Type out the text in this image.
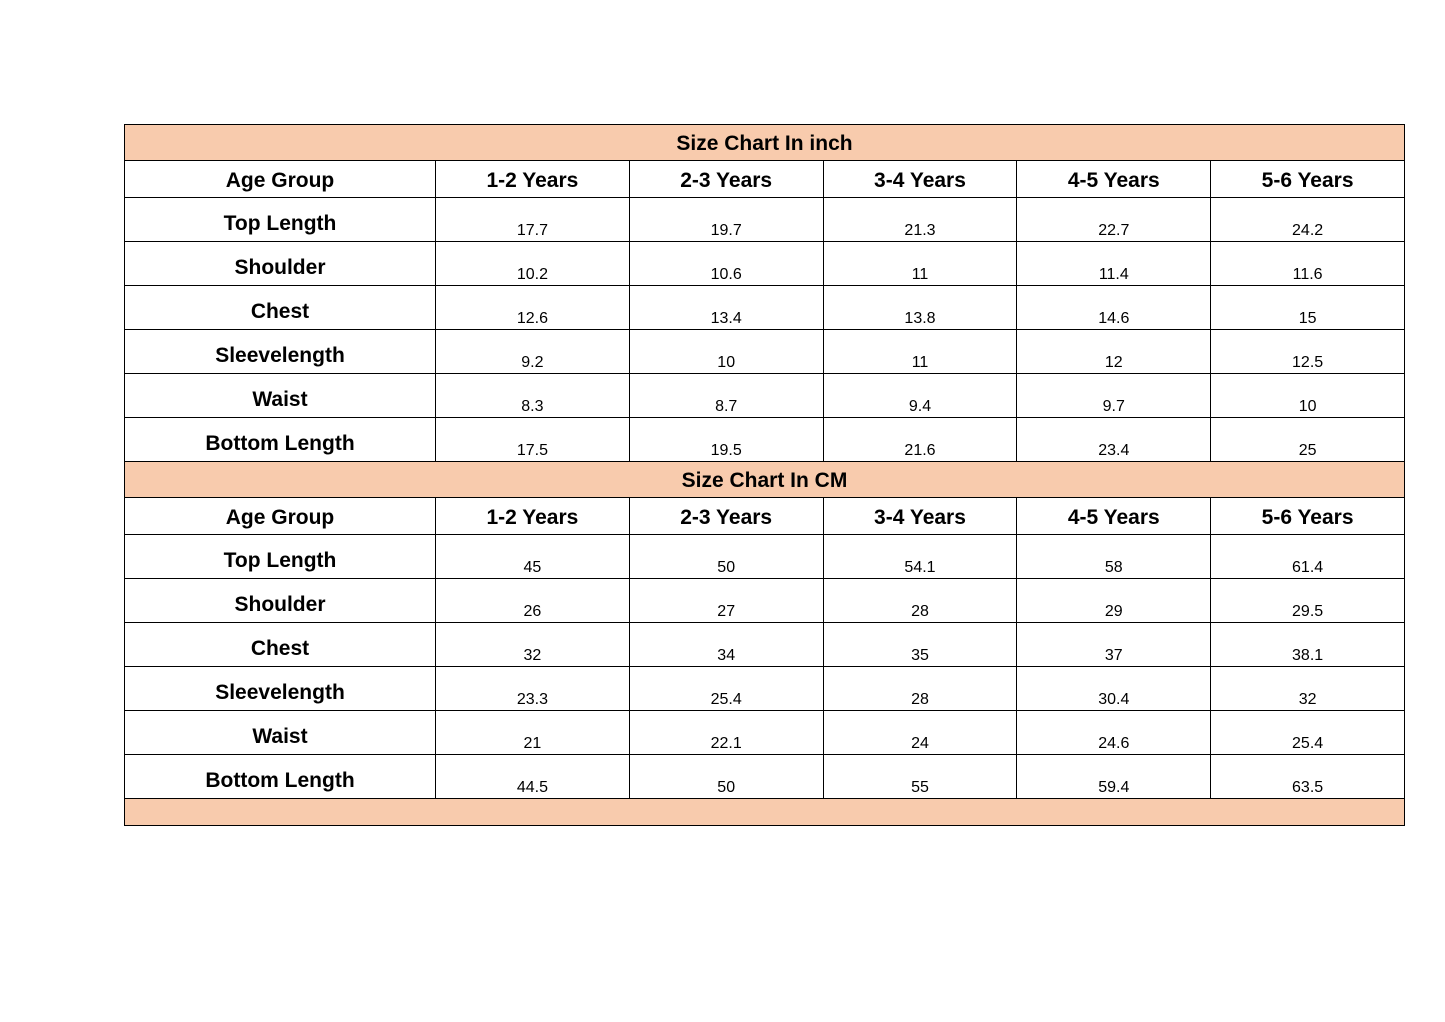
Size Chart In inch					
Age Group	1-2 Years	2-3 Years	3-4 Years	4-5 Years	5-6 Years
Top Length	17.7	19.7	21.3	22.7	24.2
Shoulder	10.2	10.6	11	11.4	11.6
Chest	12.6	13.4	13.8	14.6	15
Sleevelength	9.2	10	11	12	12.5
Waist	8.3	8.7	9.4	9.7	10
Bottom Length	17.5	19.5	21.6	23.4	25
Size Chart In CM					
Age Group	1-2 Years	2-3 Years	3-4 Years	4-5 Years	5-6 Years
Top Length	45	50	54.1	58	61.4
Shoulder	26	27	28	29	29.5
Chest	32	34	35	37	38.1
Sleevelength	23.3	25.4	28	30.4	32
Waist	21	22.1	24	24.6	25.4
Bottom Length	44.5	50	55	59.4	63.5
